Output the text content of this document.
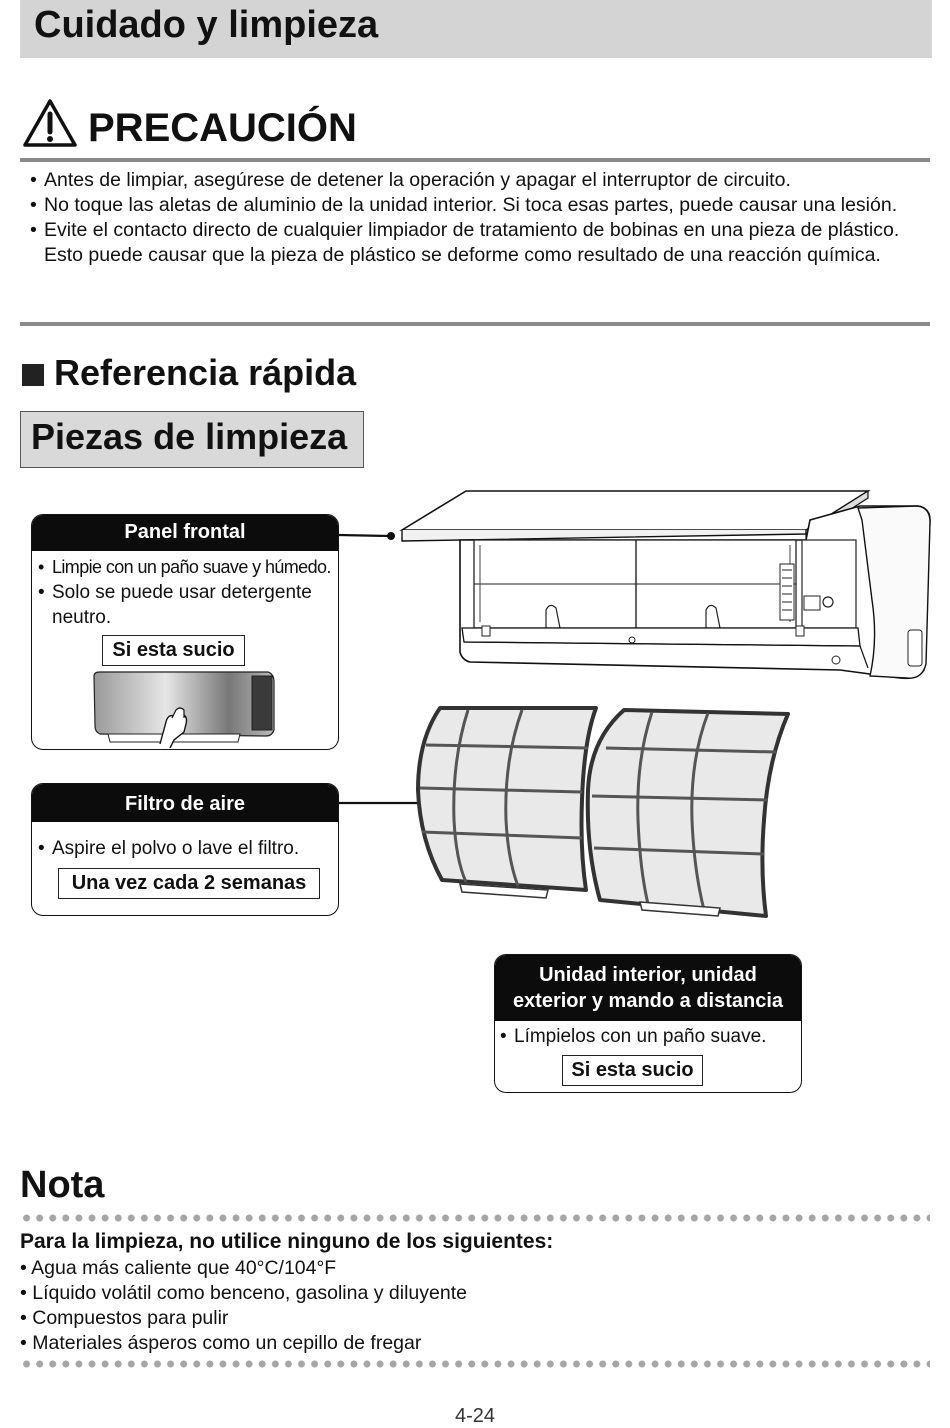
Cuidado y limpieza
PRECAUCIÓN
• Antes de limpiar, asegúrese de detener la operación y apagar el interruptor de circuito.
• No toque las aletas de aluminio de la unidad interior. Si toca esas partes, puede causar una lesión.
• Evite el contacto directo de cualquier limpiador de tratamiento de bobinas en una pieza de plástico. Esto puede causar que la pieza de plástico se deforme como resultado de una reacción química.
Referencia rápida
Piezas de limpieza
Panel frontal
• Limpie con un paño suave y húmedo.
• Solo se puede usar detergente neutro.
Si esta sucio
Filtro de aire
• Aspire el polvo o lave el filtro.
Una vez cada 2 semanas
Unidad interior, unidad
exterior y mando a distancia
• Límpielos con un paño suave.
Si esta sucio
Nota
Para la limpieza, no utilice ninguno de los siguientes:
• Agua más caliente que 40°C/104°F
• Líquido volátil como benceno, gasolina y diluyente
• Compuestos para pulir
• Materiales ásperos como un cepillo de fregar
4-24
